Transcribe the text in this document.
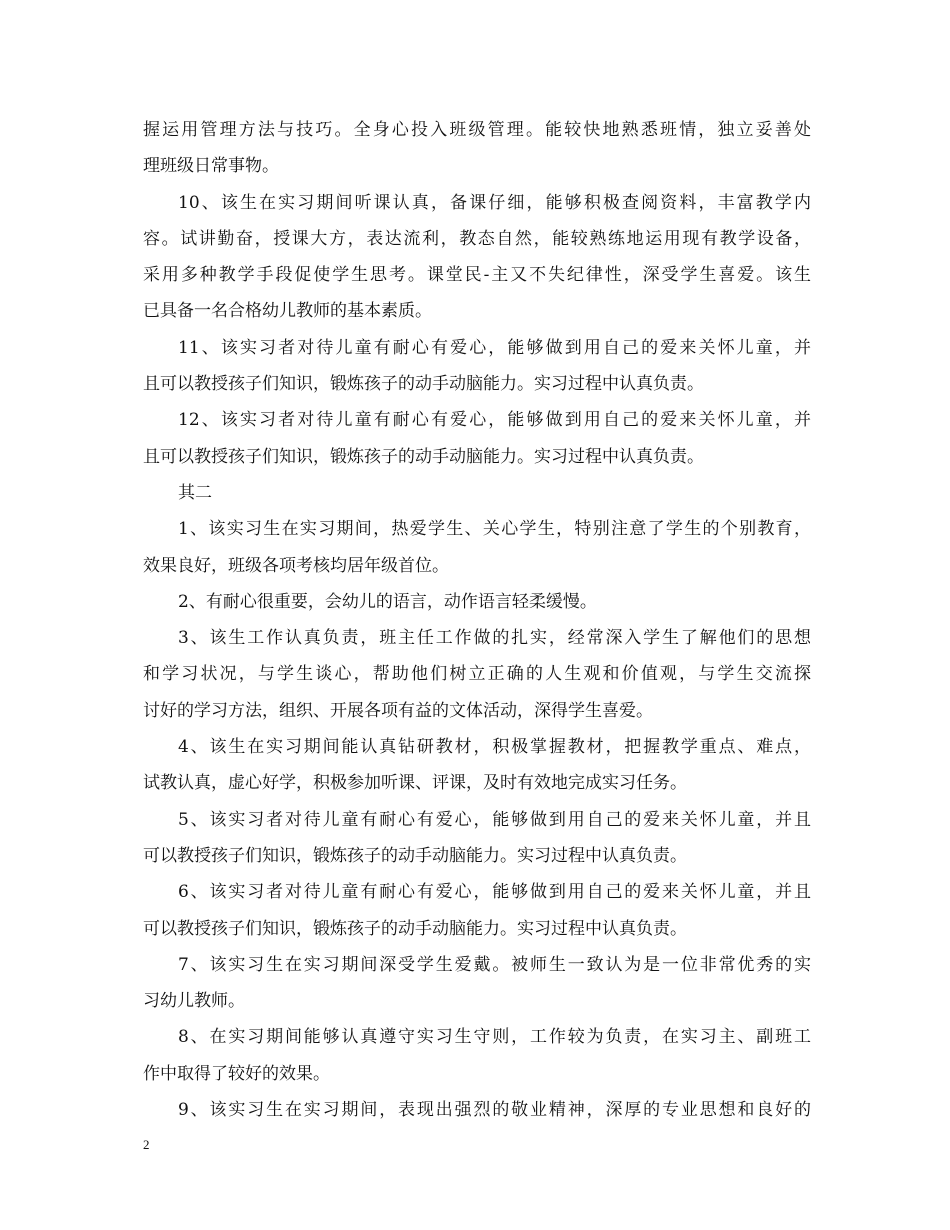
握运用管理方法与技巧。全身心投入班级管理。能较快地熟悉班情，独立妥善处
理班级日常事物。
10、该生在实习期间听课认真，备课仔细，能够积极查阅资料，丰富教学内
容。试讲勤奋，授课大方，表达流利，教态自然，能较熟练地运用现有教学设备，
采用多种教学手段促使学生思考。课堂民-主又不失纪律性，深受学生喜爱。该生
已具备一名合格幼儿教师的基本素质。
11、该实习者对待儿童有耐心有爱心，能够做到用自己的爱来关怀儿童，并
且可以教授孩子们知识，锻炼孩子的动手动脑能力。实习过程中认真负责。
12、该实习者对待儿童有耐心有爱心，能够做到用自己的爱来关怀儿童，并
且可以教授孩子们知识，锻炼孩子的动手动脑能力。实习过程中认真负责。
其二
1、该实习生在实习期间，热爱学生、关心学生，特别注意了学生的个别教育，
效果良好，班级各项考核均居年级首位。
2、有耐心很重要，会幼儿的语言，动作语言轻柔缓慢。
3、该生工作认真负责，班主任工作做的扎实，经常深入学生了解他们的思想
和学习状况，与学生谈心，帮助他们树立正确的人生观和价值观，与学生交流探
讨好的学习方法，组织、开展各项有益的文体活动，深得学生喜爱。
4、该生在实习期间能认真钻研教材，积极掌握教材，把握教学重点、难点，
试教认真，虚心好学，积极参加听课、评课，及时有效地完成实习任务。
5、该实习者对待儿童有耐心有爱心，能够做到用自己的爱来关怀儿童，并且
可以教授孩子们知识，锻炼孩子的动手动脑能力。实习过程中认真负责。
6、该实习者对待儿童有耐心有爱心，能够做到用自己的爱来关怀儿童，并且
可以教授孩子们知识，锻炼孩子的动手动脑能力。实习过程中认真负责。
7、该实习生在实习期间深受学生爱戴。被师生一致认为是一位非常优秀的实
习幼儿教师。
8、在实习期间能够认真遵守实习生守则，工作较为负责，在实习主、副班工
作中取得了较好的效果。
9、该实习生在实习期间，表现出强烈的敬业精神，深厚的专业思想和良好的
2
